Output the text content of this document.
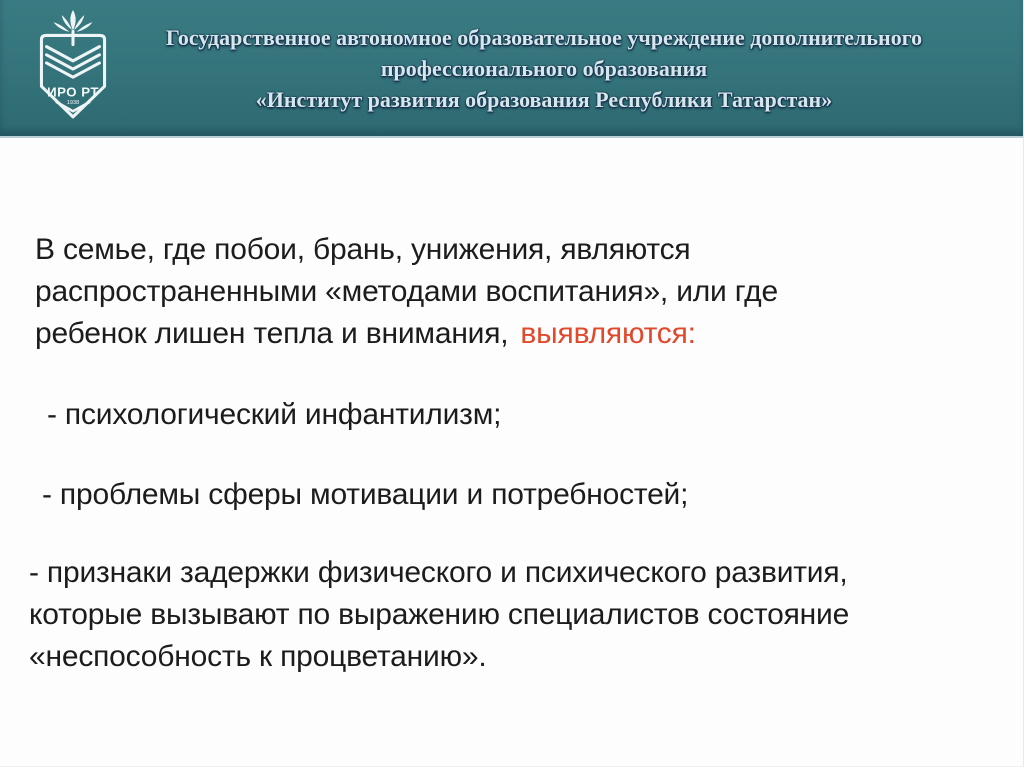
ИРО РТ
1938
Государственное автономное образовательное учреждение дополнительного
профессионального образования
«Институт развития образования Республики Татарстан»
В семье, где побои, брань, унижения, являются
распространенными «методами воспитания», или где
ребенок лишен тепла и внимания, выявляются:
- психологический инфантилизм;
- проблемы сферы мотивации и потребностей;
- признаки задержки физического и психического развития,
которые вызывают по выражению специалистов состояние
«неспособность к процветанию».
